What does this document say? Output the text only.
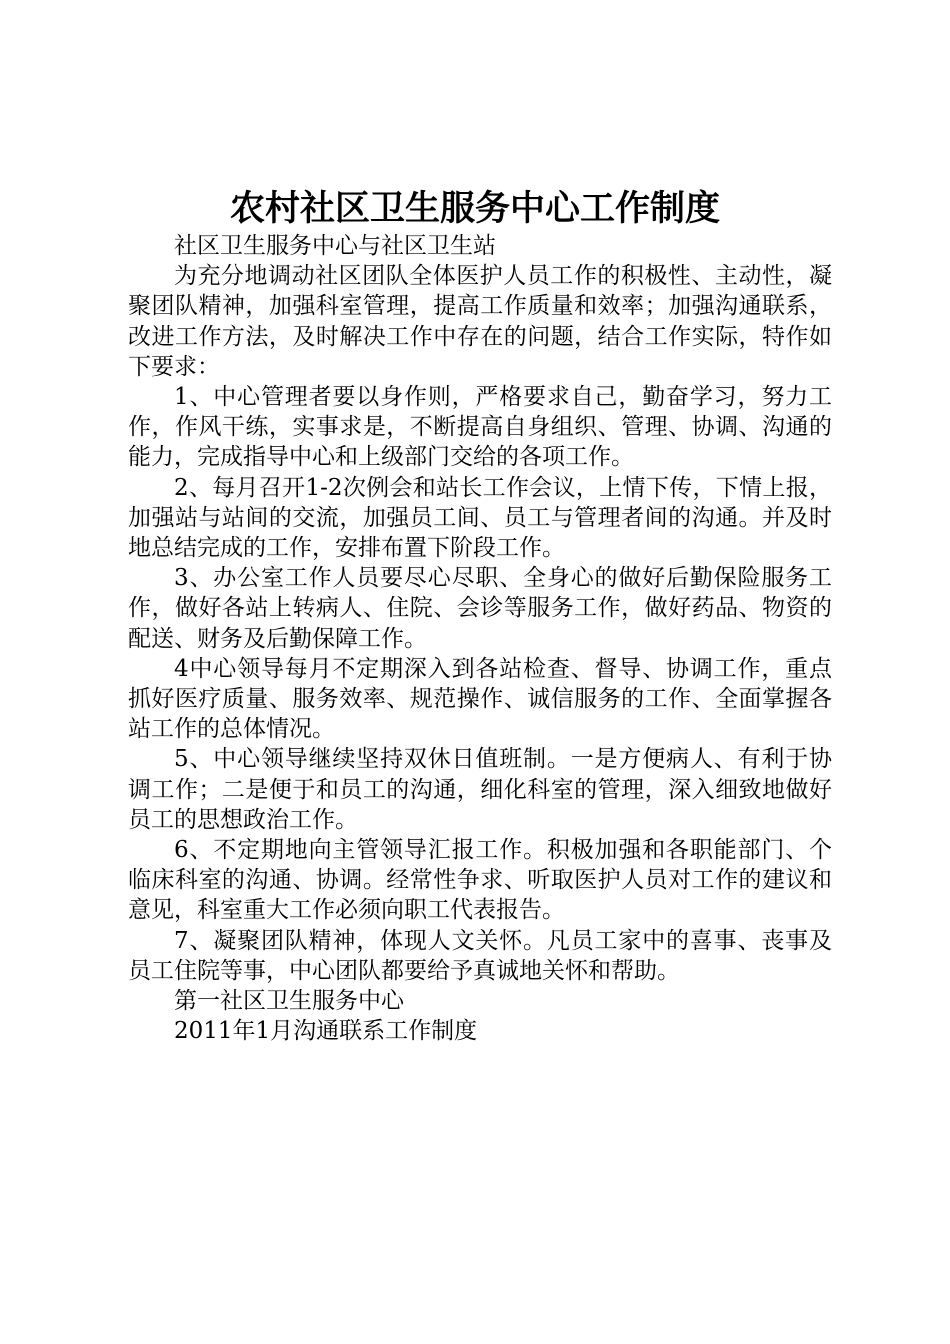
农村社区卫生服务中心工作制度

社区卫生服务中心与社区卫生站

为充分地调动社区团队全体医护人员工作的积极性、主动性，凝聚团队精神，加强科室管理，提高工作质量和效率；加强沟通联系，改进工作方法，及时解决工作中存在的问题，结合工作实际，特作如下要求：

1、中心管理者要以身作则，严格要求自己，勤奋学习，努力工作，作风干练，实事求是，不断提高自身组织、管理、协调、沟通的能力，完成指导中心和上级部门交给的各项工作。

2、每月召开1-2次例会和站长工作会议，上情下传，下情上报，加强站与站间的交流，加强员工间、员工与管理者间的沟通。并及时地总结完成的工作，安排布置下阶段工作。

3、办公室工作人员要尽心尽职、全身心的做好后勤保险服务工作，做好各站上转病人、住院、会诊等服务工作，做好药品、物资的配送、财务及后勤保障工作。

4中心领导每月不定期深入到各站检查、督导、协调工作，重点抓好医疗质量、服务效率、规范操作、诚信服务的工作、全面掌握各站工作的总体情况。

5、中心领导继续坚持双休日值班制。一是方便病人、有利于协调工作；二是便于和员工的沟通，细化科室的管理，深入细致地做好员工的思想政治工作。

6、不定期地向主管领导汇报工作。积极加强和各职能部门、个临床科室的沟通、协调。经常性争求、听取医护人员对工作的建议和意见，科室重大工作必须向职工代表报告。

7、凝聚团队精神，体现人文关怀。凡员工家中的喜事、丧事及员工住院等事，中心团队都要给予真诚地关怀和帮助。

第一社区卫生服务中心

2011年1月沟通联系工作制度
